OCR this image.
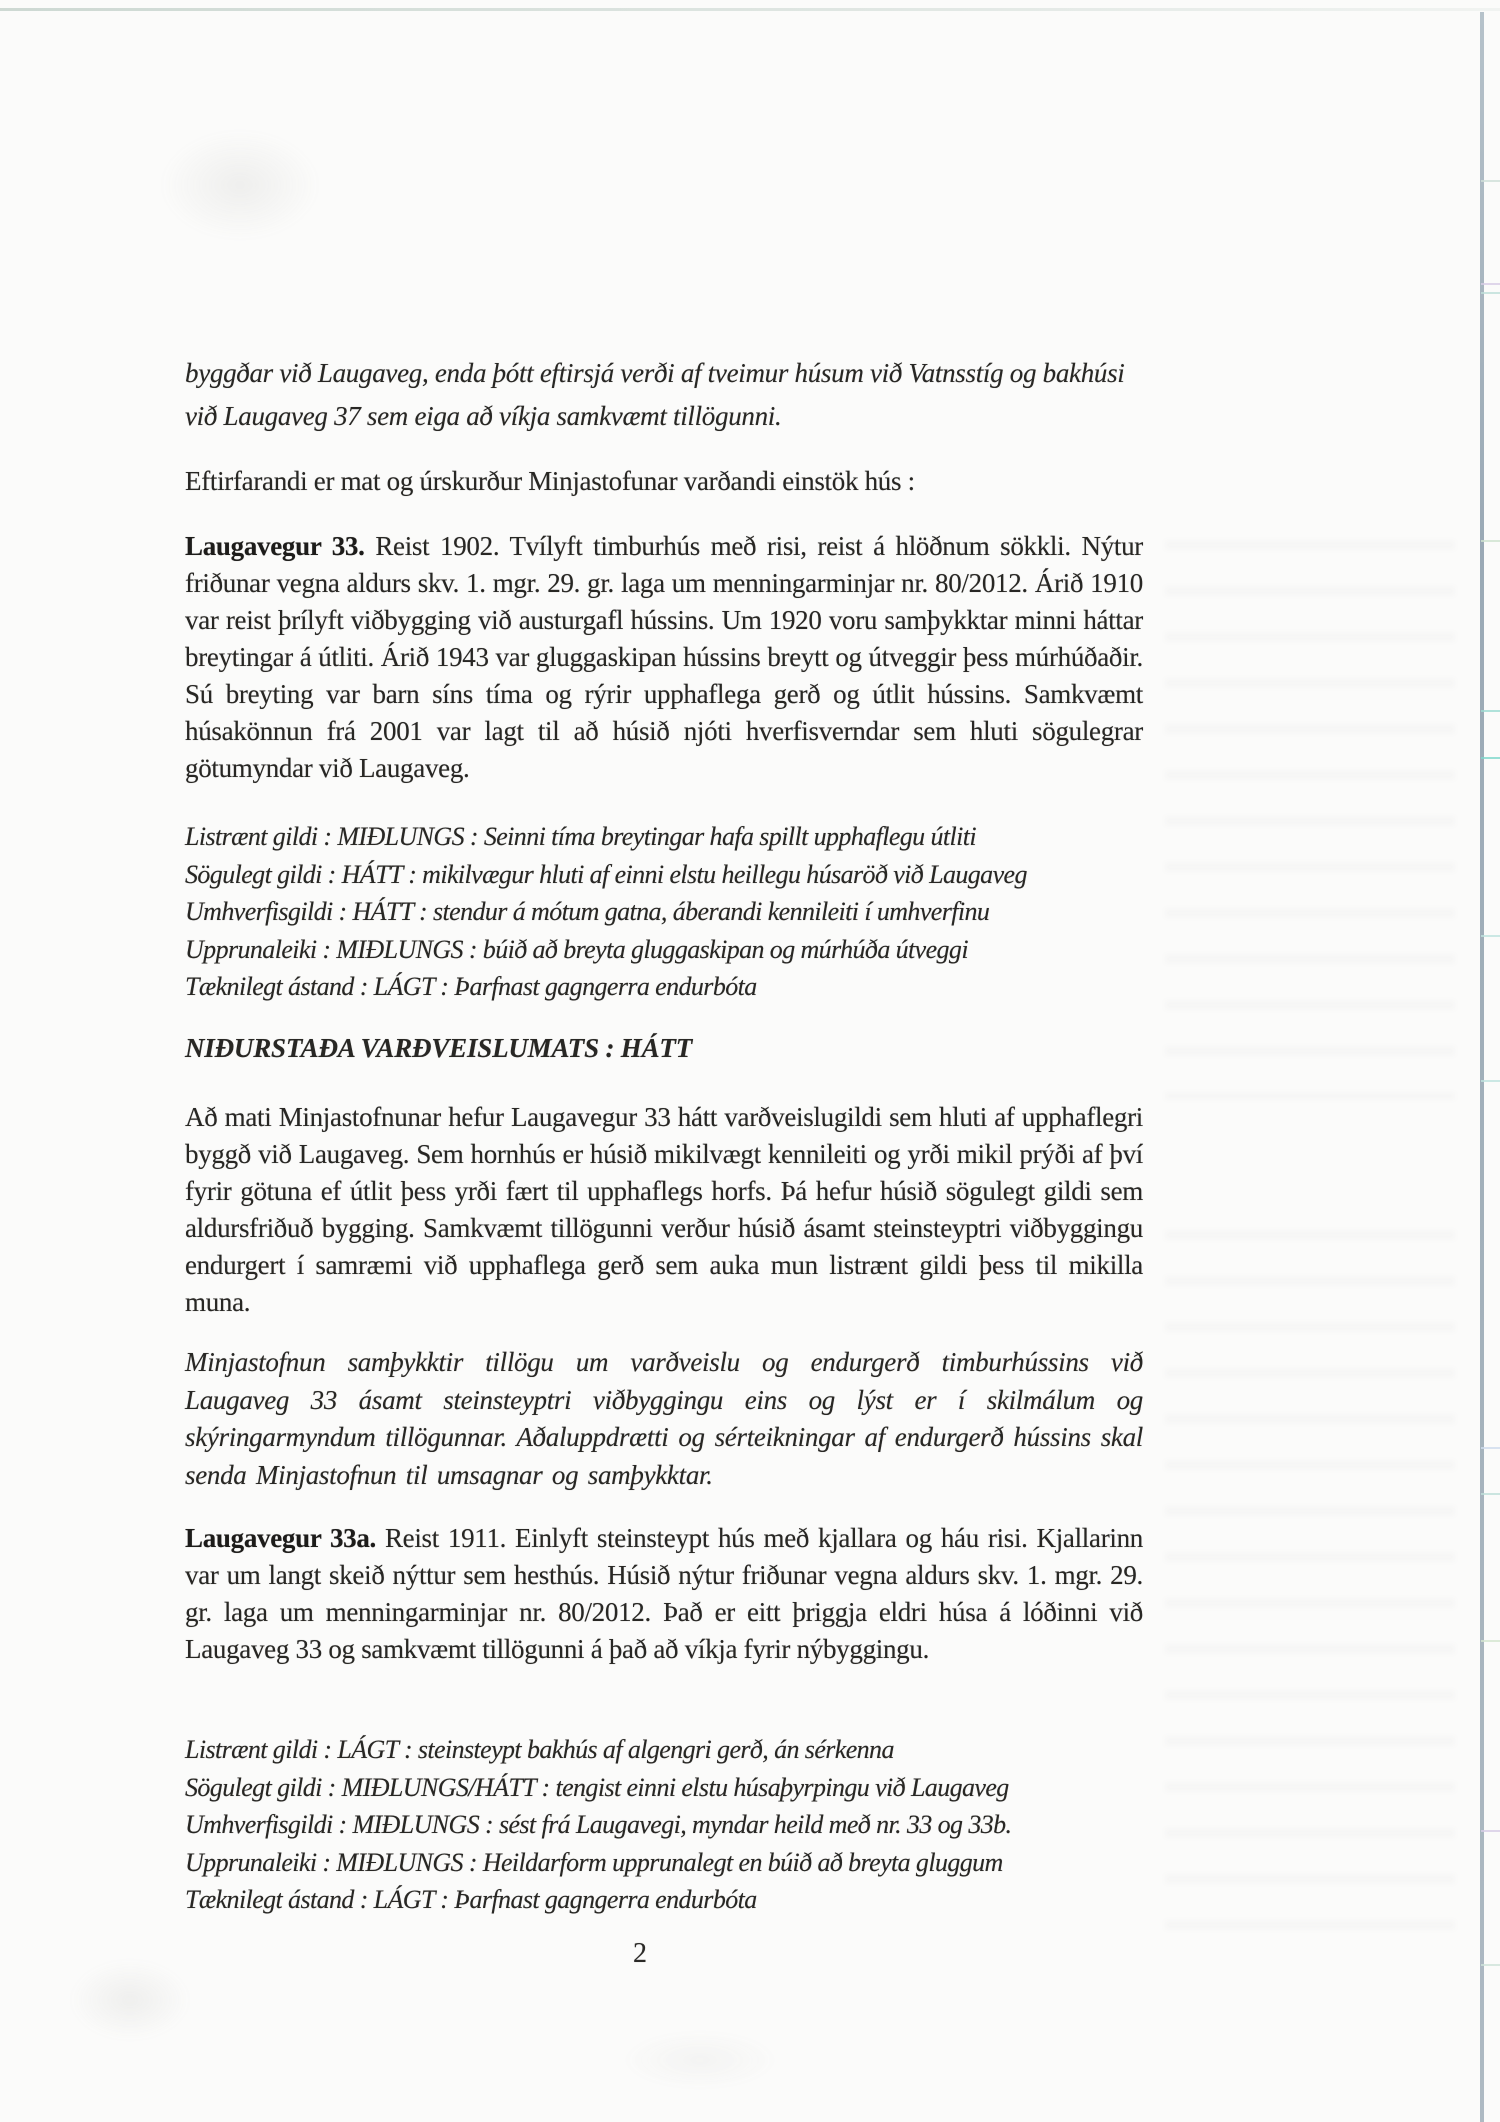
byggðar við Laugaveg, enda þótt eftirsjá verði af tveimur húsum við Vatnsstíg og bakhúsi við Laugaveg 37 sem eiga að víkja samkvæmt tillögunni.

Eftirfarandi er mat og úrskurður Minjastofunar varðandi einstök hús :

Laugavegur 33. Reist 1902. Tvílyft timburhús með risi, reist á hlöðnum sökkli. Nýtur friðunar vegna aldurs skv. 1. mgr. 29. gr. laga um menningarminjar nr. 80/2012. Árið 1910 var reist þrílyft viðbygging við austurgafl hússins. Um 1920 voru samþykktar minni háttar breytingar á útliti. Árið 1943 var gluggaskipan hússins breytt og útveggir þess múrhúðaðir. Sú breyting var barn síns tíma og rýrir upphaflega gerð og útlit hússins. Samkvæmt húsakönnun frá 2001 var lagt til að húsið njóti hverfisverndar sem hluti sögulegrar götumyndar við Laugaveg.

Listrænt gildi : MIÐLUNGS : Seinni tíma breytingar hafa spillt upphaflegu útliti
Sögulegt gildi : HÁTT : mikilvægur hluti af einni elstu heillegu húsaröð við Laugaveg
Umhverfisgildi : HÁTT : stendur á mótum gatna, áberandi kennileiti í umhverfinu
Upprunaleiki : MIÐLUNGS : búið að breyta gluggaskipan og múrhúða útveggi
Tæknilegt ástand : LÁGT : Þarfnast gagngerra endurbóta

NIÐURSTAÐA VARÐVEISLUMATS : HÁTT

Að mati Minjastofnunar hefur Laugavegur 33 hátt varðveislugildi sem hluti af upphaflegri byggð við Laugaveg. Sem hornhús er húsið mikilvægt kennileiti og yrði mikil prýði af því fyrir götuna ef útlit þess yrði fært til upphaflegs horfs. Þá hefur húsið sögulegt gildi sem aldursfriðuð bygging. Samkvæmt tillögunni verður húsið ásamt steinsteyptri viðbyggingu endurgert í samræmi við upphaflega gerð sem auka mun listrænt gildi þess til mikilla muna.

Minjastofnun samþykktir tillögu um varðveislu og endurgerð timburhússins við Laugaveg 33 ásamt steinsteyptri viðbyggingu eins og lýst er í skilmálum og skýringarmyndum tillögunnar. Aðaluppdrætti og sérteikningar af endurgerð hússins skal senda Minjastofnun til umsagnar og samþykktar.

Laugavegur 33a. Reist 1911. Einlyft steinsteypt hús með kjallara og háu risi. Kjallarinn var um langt skeið nýttur sem hesthús. Húsið nýtur friðunar vegna aldurs skv. 1. mgr. 29. gr. laga um menningarminjar nr. 80/2012. Það er eitt þriggja eldri húsa á lóðinni við Laugaveg 33 og samkvæmt tillögunni á það að víkja fyrir nýbyggingu.

Listrænt gildi : LÁGT : steinsteypt bakhús af algengri gerð, án sérkenna
Sögulegt gildi : MIÐLUNGS/HÁTT : tengist einni elstu húsaþyrpingu við Laugaveg
Umhverfisgildi : MIÐLUNGS : sést frá Laugavegi, myndar heild með nr. 33 og 33b.
Upprunaleiki : MIÐLUNGS : Heildarform upprunalegt en búið að breyta gluggum
Tæknilegt ástand : LÁGT : Þarfnast gagngerra endurbóta
2
